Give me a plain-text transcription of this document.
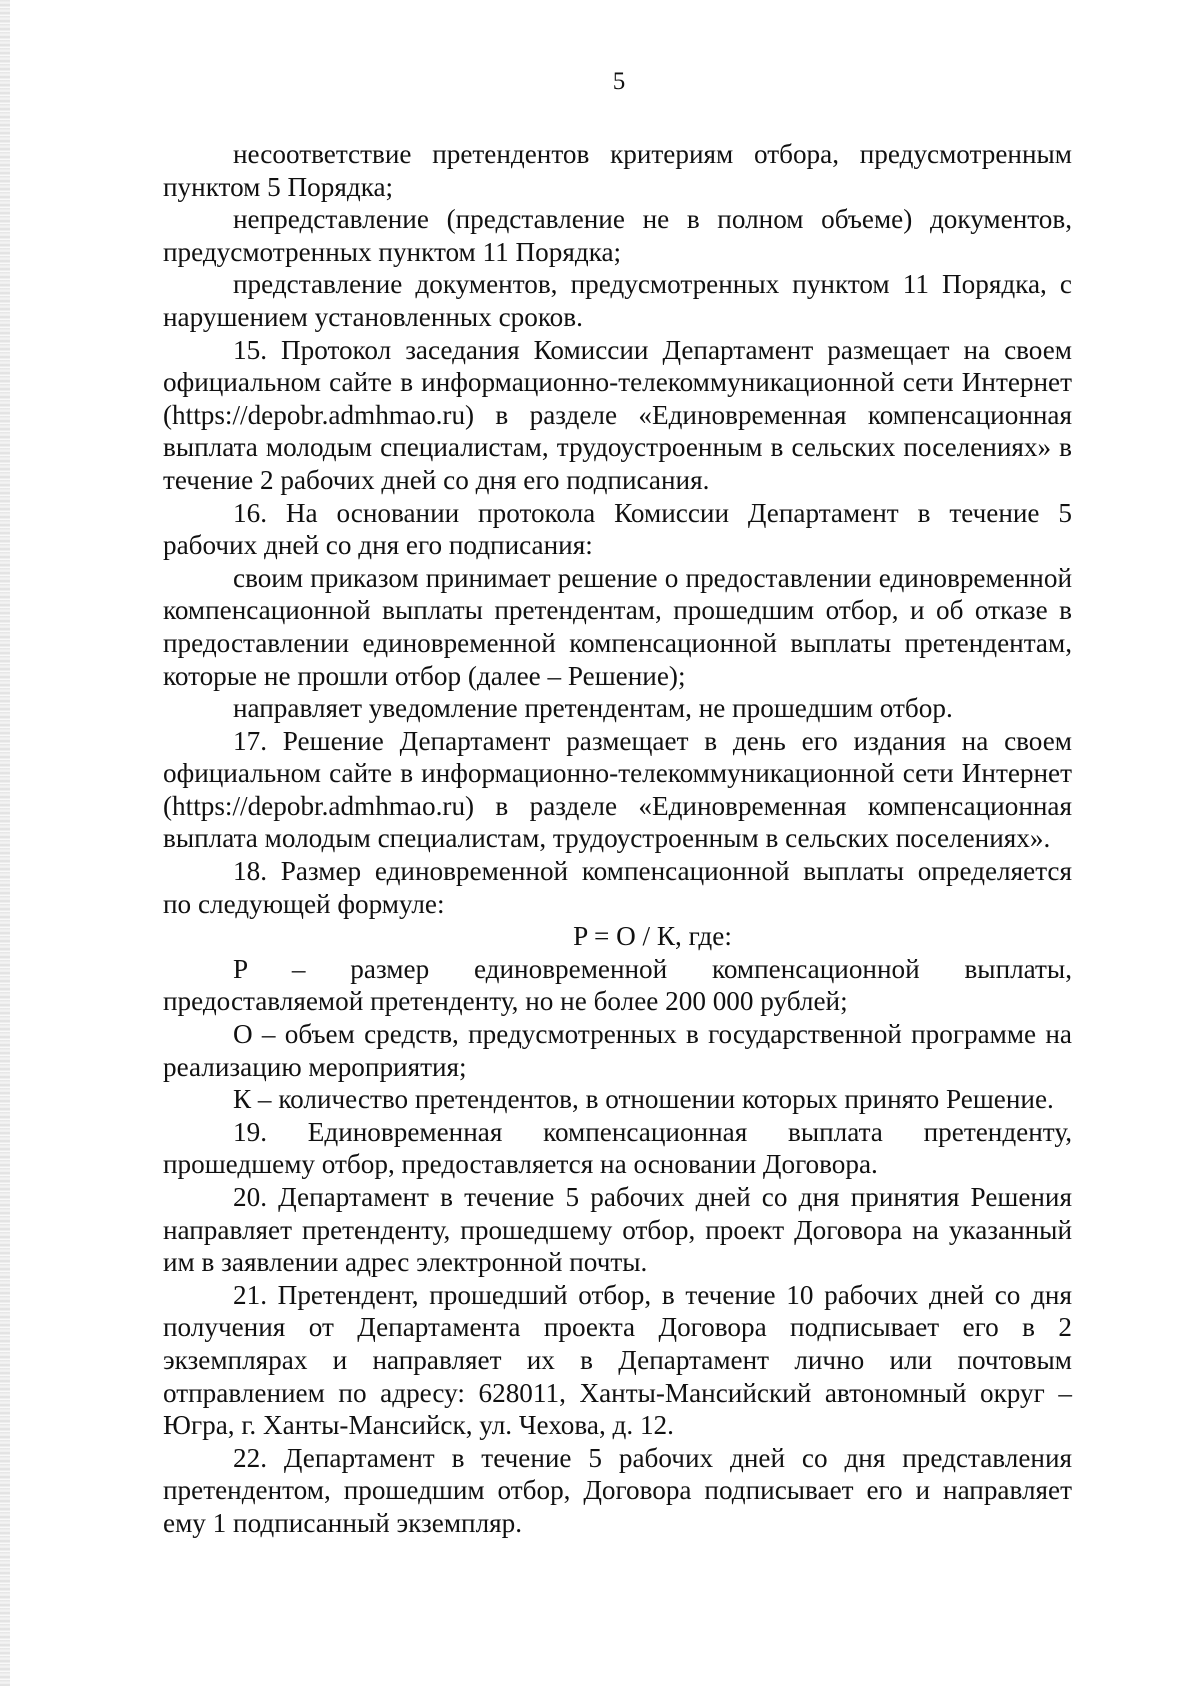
5

несоответствие претендентов критериям отбора, предусмотренным пунктом 5 Порядка;

непредставление (представление не в полном объеме) документов, предусмотренных пунктом 11 Порядка;

представление документов, предусмотренных пунктом 11 Порядка, с нарушением установленных сроков.

15. Протокол заседания Комиссии Департамент размещает на своем официальном сайте в информационно-телекоммуникационной сети Интернет (https://depobr.admhmao.ru) в разделе «Единовременная компенсационная выплата молодым специалистам, трудоустроенным в сельских поселениях» в течение 2 рабочих дней со дня его подписания.

16. На основании протокола Комиссии Департамент в течение 5 рабочих дней со дня его подписания:

своим приказом принимает решение о предоставлении единовременной компенсационной выплаты претендентам, прошедшим отбор, и об отказе в предоставлении единовременной компенсационной выплаты претендентам, которые не прошли отбор (далее – Решение);

направляет уведомление претендентам, не прошедшим отбор.

17. Решение Департамент размещает в день его издания на своем официальном сайте в информационно-телекоммуникационной сети Интернет (https://depobr.admhmao.ru) в разделе «Единовременная компенсационная выплата молодым специалистам, трудоустроенным в сельских поселениях».

18. Размер единовременной компенсационной выплаты определяется по следующей формуле:

P = О / К, где:

P – размер единовременной компенсационной выплаты, предоставляемой претенденту, но не более 200 000 рублей;

О – объем средств, предусмотренных в государственной программе на реализацию мероприятия;

К – количество претендентов, в отношении которых принято Решение.

19. Единовременная компенсационная выплата претенденту, прошедшему отбор, предоставляется на основании Договора.

20. Департамент в течение 5 рабочих дней со дня принятия Решения направляет претенденту, прошедшему отбор, проект Договора на указанный им в заявлении адрес электронной почты.

21. Претендент, прошедший отбор, в течение 10 рабочих дней со дня получения от Департамента проекта Договора подписывает его в 2 экземплярах и направляет их в Департамент лично или почтовым отправлением по адресу: 628011, Ханты-Мансийский автономный округ – Югра, г. Ханты-Мансийск, ул. Чехова, д. 12.

22. Департамент в течение 5 рабочих дней со дня представления претендентом, прошедшим отбор, Договора подписывает его и направляет ему 1 подписанный экземпляр.
